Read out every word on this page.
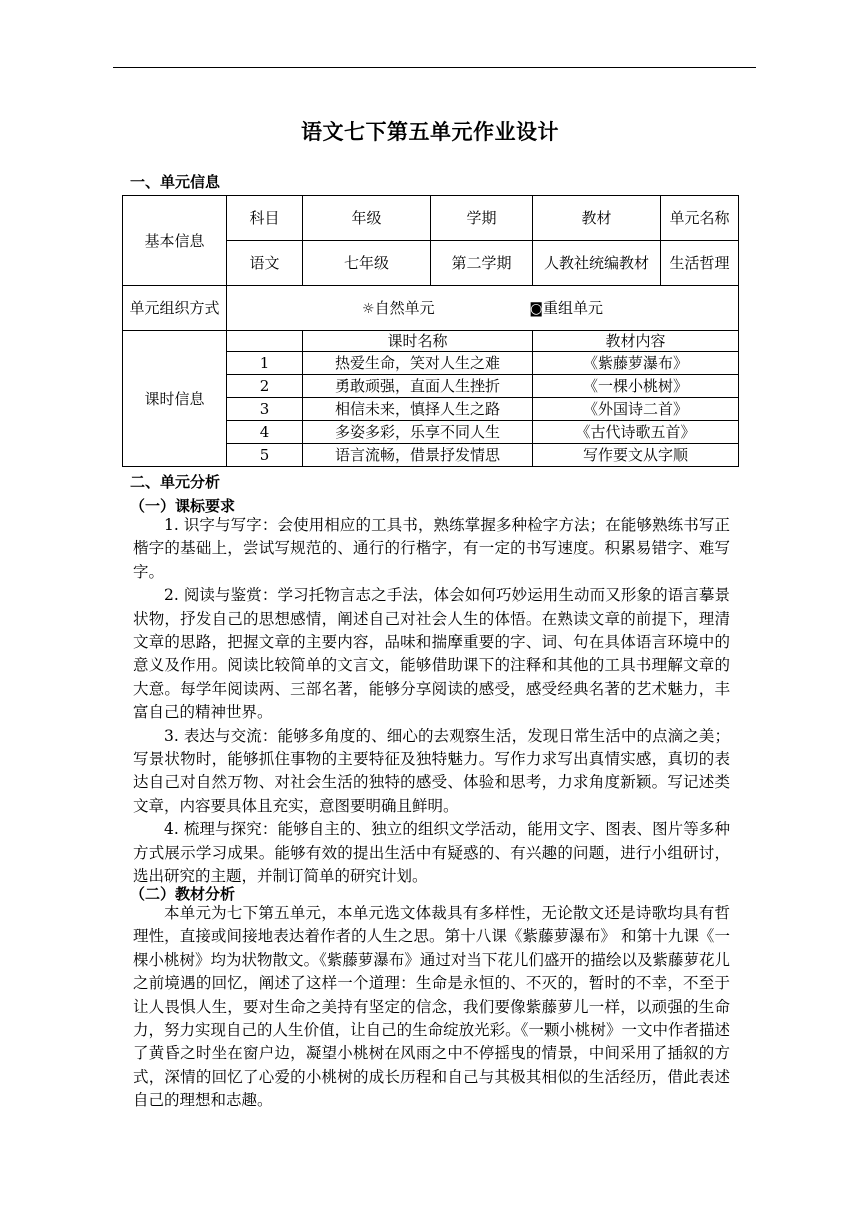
语文七下第五单元作业设计
一、单元信息
基本信息	科目	年级	学期	教材	单元名称
	语文	七年级	第二学期	人教社统编教材	生活哲理
单元组织方式	☼自然单元 ◙重组单元				
课时信息		课时名称		教材内容	
	1	热爱生命，笑对人生之难		《紫藤萝瀑布》	
	2	勇敢顽强，直面人生挫折		《一棵小桃树》	
	3	相信未来，慎择人生之路		《外国诗二首》	
	4	多姿多彩，乐享不同人生		《古代诗歌五首》	
	5	语言流畅，借景抒发情思		写作要文从字顺	
二、单元分析
（一）课标要求

1. 识字与写字：会使用相应的工具书，熟练掌握多种检字方法；在能够熟练书写正楷字的基础上，尝试写规范的、通行的行楷字，有一定的书写速度。积累易错字、难写字。

2. 阅读与鉴赏：学习托物言志之手法，体会如何巧妙运用生动而又形象的语言摹景状物，抒发自己的思想感情，阐述自己对社会人生的体悟。在熟读文章的前提下，理清文章的思路，把握文章的主要内容，品味和揣摩重要的字、词、句在具体语言环境中的意义及作用。阅读比较简单的文言文，能够借助课下的注释和其他的工具书理解文章的大意。每学年阅读两、三部名著，能够分享阅读的感受，感受经典名著的艺术魅力，丰富自己的精神世界。

3. 表达与交流：能够多角度的、细心的去观察生活，发现日常生活中的点滴之美；写景状物时，能够抓住事物的主要特征及独特魅力。写作力求写出真情实感，真切的表达自己对自然万物、对社会生活的独特的感受、体验和思考，力求角度新颖。写记述类文章，内容要具体且充实，意图要明确且鲜明。

4. 梳理与探究：能够自主的、独立的组织文学活动，能用文字、图表、图片等多种方式展示学习成果。能够有效的提出生活中有疑惑的、有兴趣的问题，进行小组研讨，选出研究的主题，并制订简单的研究计划。

（二）教材分析

本单元为七下第五单元，本单元选文体裁具有多样性，无论散文还是诗歌均具有哲理性，直接或间接地表达着作者的人生之思。第十八课《紫藤萝瀑布》 和第十九课《一棵小桃树》均为状物散文。《紫藤萝瀑布》通过对当下花儿们盛开的描绘以及紫藤萝花儿之前境遇的回忆，阐述了这样一个道理：生命是永恒的、不灭的，暂时的不幸，不至于让人畏惧人生，要对生命之美持有坚定的信念，我们要像紫藤萝儿一样，以顽强的生命力，努力实现自己的人生价值，让自己的生命绽放光彩。《一颗小桃树》一文中作者描述了黄昏之时坐在窗户边，凝望小桃树在风雨之中不停摇曳的情景，中间采用了插叙的方式，深情的回忆了心爱的小桃树的成长历程和自己与其极其相似的生活经历，借此表述自己的理想和志趣。
